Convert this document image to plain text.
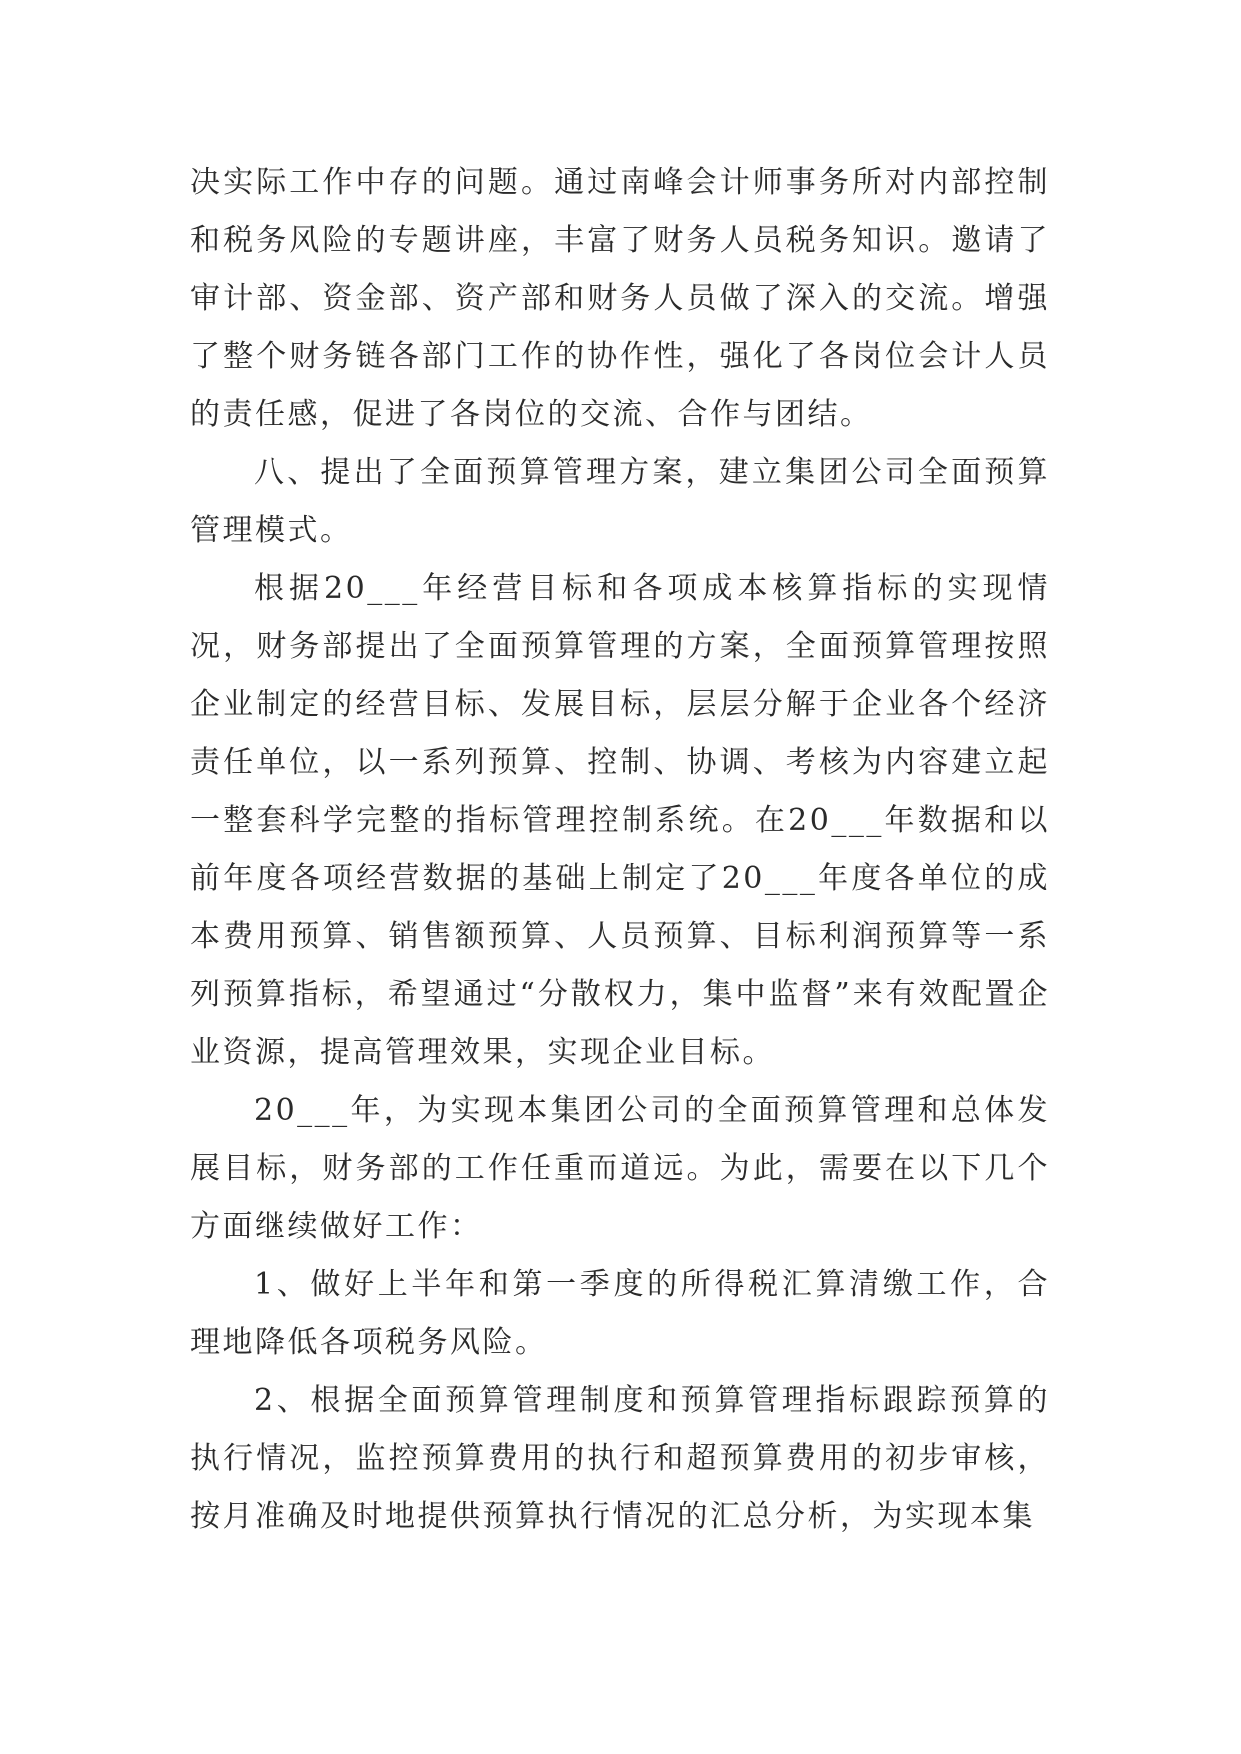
决实际工作中存的问题。通过南峰会计师事务所对内部控制和税务风险的专题讲座，丰富了财务人员税务知识。邀请了审计部、资金部、资产部和财务人员做了深入的交流。增强了整个财务链各部门工作的协作性，强化了各岗位会计人员的责任感，促进了各岗位的交流、合作与团结。

八、提出了全面预算管理方案，建立集团公司全面预算管理模式。

根据20___年经营目标和各项成本核算指标的实现情况，财务部提出了全面预算管理的方案，全面预算管理按照企业制定的经营目标、发展目标，层层分解于企业各个经济责任单位，以一系列预算、控制、协调、考核为内容建立起一整套科学完整的指标管理控制系统。在20___年数据和以前年度各项经营数据的基础上制定了20___年度各单位的成本费用预算、销售额预算、人员预算、目标利润预算等一系列预算指标，希望通过“分散权力，集中监督”来有效配置企业资源，提高管理效果，实现企业目标。

20___年，为实现本集团公司的全面预算管理和总体发展目标，财务部的工作任重而道远。为此，需要在以下几个方面继续做好工作：

1、做好上半年和第一季度的所得税汇算清缴工作，合理地降低各项税务风险。

2、根据全面预算管理制度和预算管理指标跟踪预算的执行情况，监控预算费用的执行和超预算费用的初步审核，按月准确及时地提供预算执行情况的汇总分析，为实现本集
